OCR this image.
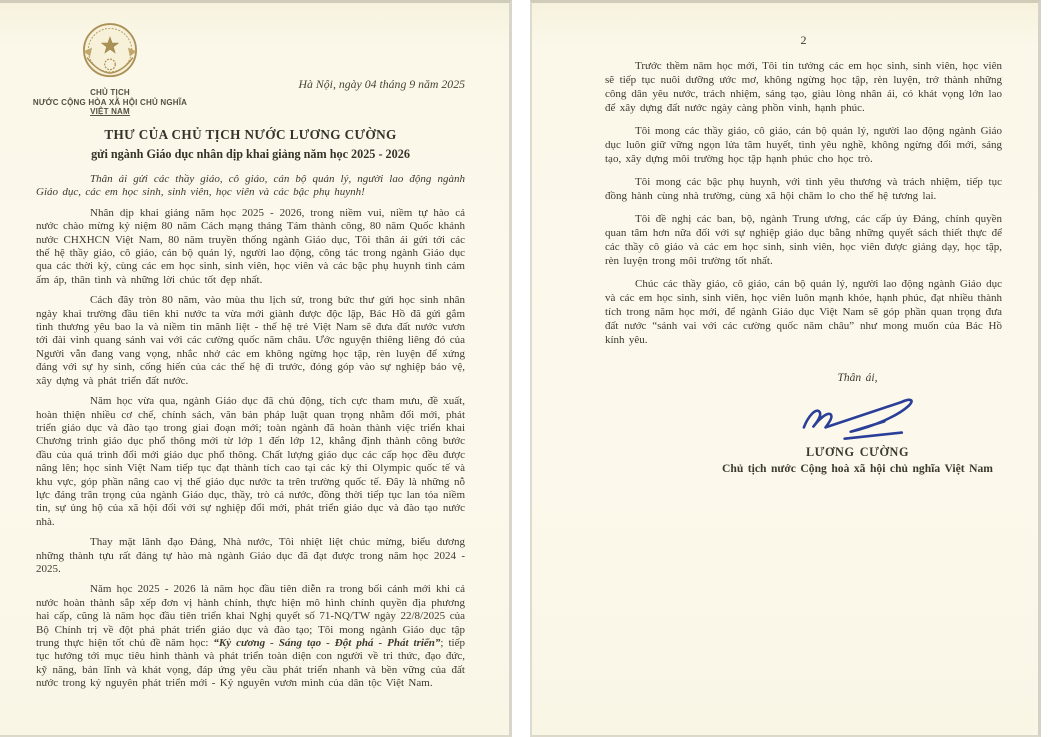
CHỦ TỊCH
NƯỚC CỘNG HÒA XÃ HỘI CHỦ NGHĨA
VIỆT NAM
Hà Nội, ngày 04 tháng 9 năm 2025
THƯ CỦA CHỦ TỊCH NƯỚC LƯƠNG CƯỜNG
gửi ngành Giáo dục nhân dịp khai giảng năm học 2025 - 2026

Thân ái gửi các thầy giáo, cô giáo, cán bộ quản lý, người lao động ngành Giáo dục, các em học sinh, sinh viên, học viên và các bậc phụ huynh!

Nhân dịp khai giảng năm học 2025 - 2026, trong niềm vui, niềm tự hào cả nước chào mừng kỷ niệm 80 năm Cách mạng tháng Tám thành công, 80 năm Quốc khánh nước CHXHCN Việt Nam, 80 năm truyền thống ngành Giáo dục, Tôi thân ái gửi tới các thế hệ thầy giáo, cô giáo, cán bộ quản lý, người lao động, công tác trong ngành Giáo dục qua các thời kỳ, cùng các em học sinh, sinh viên, học viên và các bậc phụ huynh tình cảm ấm áp, thân tình và những lời chúc tốt đẹp nhất.

Cách đây tròn 80 năm, vào mùa thu lịch sử, trong bức thư gửi học sinh nhân ngày khai trường đầu tiên khi nước ta vừa mới giành được độc lập, Bác Hồ đã gửi gắm tình thương yêu bao la và niềm tin mãnh liệt - thế hệ trẻ Việt Nam sẽ đưa đất nước vươn tới đài vinh quang sánh vai với các cường quốc năm châu. Ước nguyện thiêng liêng đó của Người vẫn đang vang vọng, nhắc nhở các em không ngừng học tập, rèn luyện để xứng đáng với sự hy sinh, cống hiến của các thế hệ đi trước, đóng góp vào sự nghiệp bảo vệ, xây dựng và phát triển đất nước.

Năm học vừa qua, ngành Giáo dục đã chủ động, tích cực tham mưu, đề xuất, hoàn thiện nhiều cơ chế, chính sách, văn bản pháp luật quan trọng nhằm đổi mới, phát triển giáo dục và đào tạo trong giai đoạn mới; toàn ngành đã hoàn thành việc triển khai Chương trình giáo dục phổ thông mới từ lớp 1 đến lớp 12, khẳng định thành công bước đầu của quá trình đổi mới giáo dục phổ thông. Chất lượng giáo dục các cấp học đều được nâng lên; học sinh Việt Nam tiếp tục đạt thành tích cao tại các kỳ thi Olympic quốc tế và khu vực, góp phần nâng cao vị thế giáo dục nước ta trên trường quốc tế. Đây là những nỗ lực đáng trân trọng của ngành Giáo dục, thầy, trò cả nước, đồng thời tiếp tục lan tỏa niềm tin, sự ủng hộ của xã hội đối với sự nghiệp đổi mới, phát triển giáo dục và đào tạo nước nhà.

Thay mặt lãnh đạo Đảng, Nhà nước, Tôi nhiệt liệt chúc mừng, biểu dương những thành tựu rất đáng tự hào mà ngành Giáo dục đã đạt được trong năm học 2024 - 2025.

Năm học 2025 - 2026 là năm học đầu tiên diễn ra trong bối cảnh mới khi cả nước hoàn thành sắp xếp đơn vị hành chính, thực hiện mô hình chính quyền địa phương hai cấp, cũng là năm học đầu tiên triển khai Nghị quyết số 71-NQ/TW ngày 22/8/2025 của Bộ Chính trị về đột phá phát triển giáo dục và đào tạo; Tôi mong ngành Giáo dục tập trung thực hiện tốt chủ đề năm học: “Kỷ cương - Sáng tạo - Đột phá - Phát triển”; tiếp tục hướng tới mục tiêu hình thành và phát triển toàn diện con người về tri thức, đạo đức, kỹ năng, bản lĩnh và khát vọng, đáp ứng yêu cầu phát triển nhanh và bền vững của đất nước trong kỷ nguyên phát triển mới - Kỷ nguyên vươn mình của dân tộc Việt Nam.

2

Trước thềm năm học mới, Tôi tin tưởng các em học sinh, sinh viên, học viên sẽ tiếp tục nuôi dưỡng ước mơ, không ngừng học tập, rèn luyện, trở thành những công dân yêu nước, trách nhiệm, sáng tạo, giàu lòng nhân ái, có khát vọng lớn lao để xây dựng đất nước ngày càng phồn vinh, hạnh phúc.

Tôi mong các thầy giáo, cô giáo, cán bộ quản lý, người lao động ngành Giáo dục luôn giữ vững ngọn lửa tâm huyết, tình yêu nghề, không ngừng đổi mới, sáng tạo, xây dựng môi trường học tập hạnh phúc cho học trò.

Tôi mong các bậc phụ huynh, với tình yêu thương và trách nhiệm, tiếp tục đồng hành cùng nhà trường, cùng xã hội chăm lo cho thế hệ tương lai.

Tôi đề nghị các ban, bộ, ngành Trung ương, các cấp ủy Đảng, chính quyền quan tâm hơn nữa đối với sự nghiệp giáo dục bằng những quyết sách thiết thực để các thầy cô giáo và các em học sinh, sinh viên, học viên được giảng dạy, học tập, rèn luyện trong môi trường tốt nhất.

Chúc các thầy giáo, cô giáo, cán bộ quản lý, người lao động ngành Giáo dục và các em học sinh, sinh viên, học viên luôn mạnh khỏe, hạnh phúc, đạt nhiều thành tích trong năm học mới, để ngành Giáo dục Việt Nam sẽ góp phần quan trọng đưa đất nước “sánh vai với các cường quốc năm châu” như mong muốn của Bác Hồ kính yêu.

Thân ái,
LƯƠNG CƯỜNG
Chủ tịch nước Cộng hoà xã hội chủ nghĩa Việt Nam
